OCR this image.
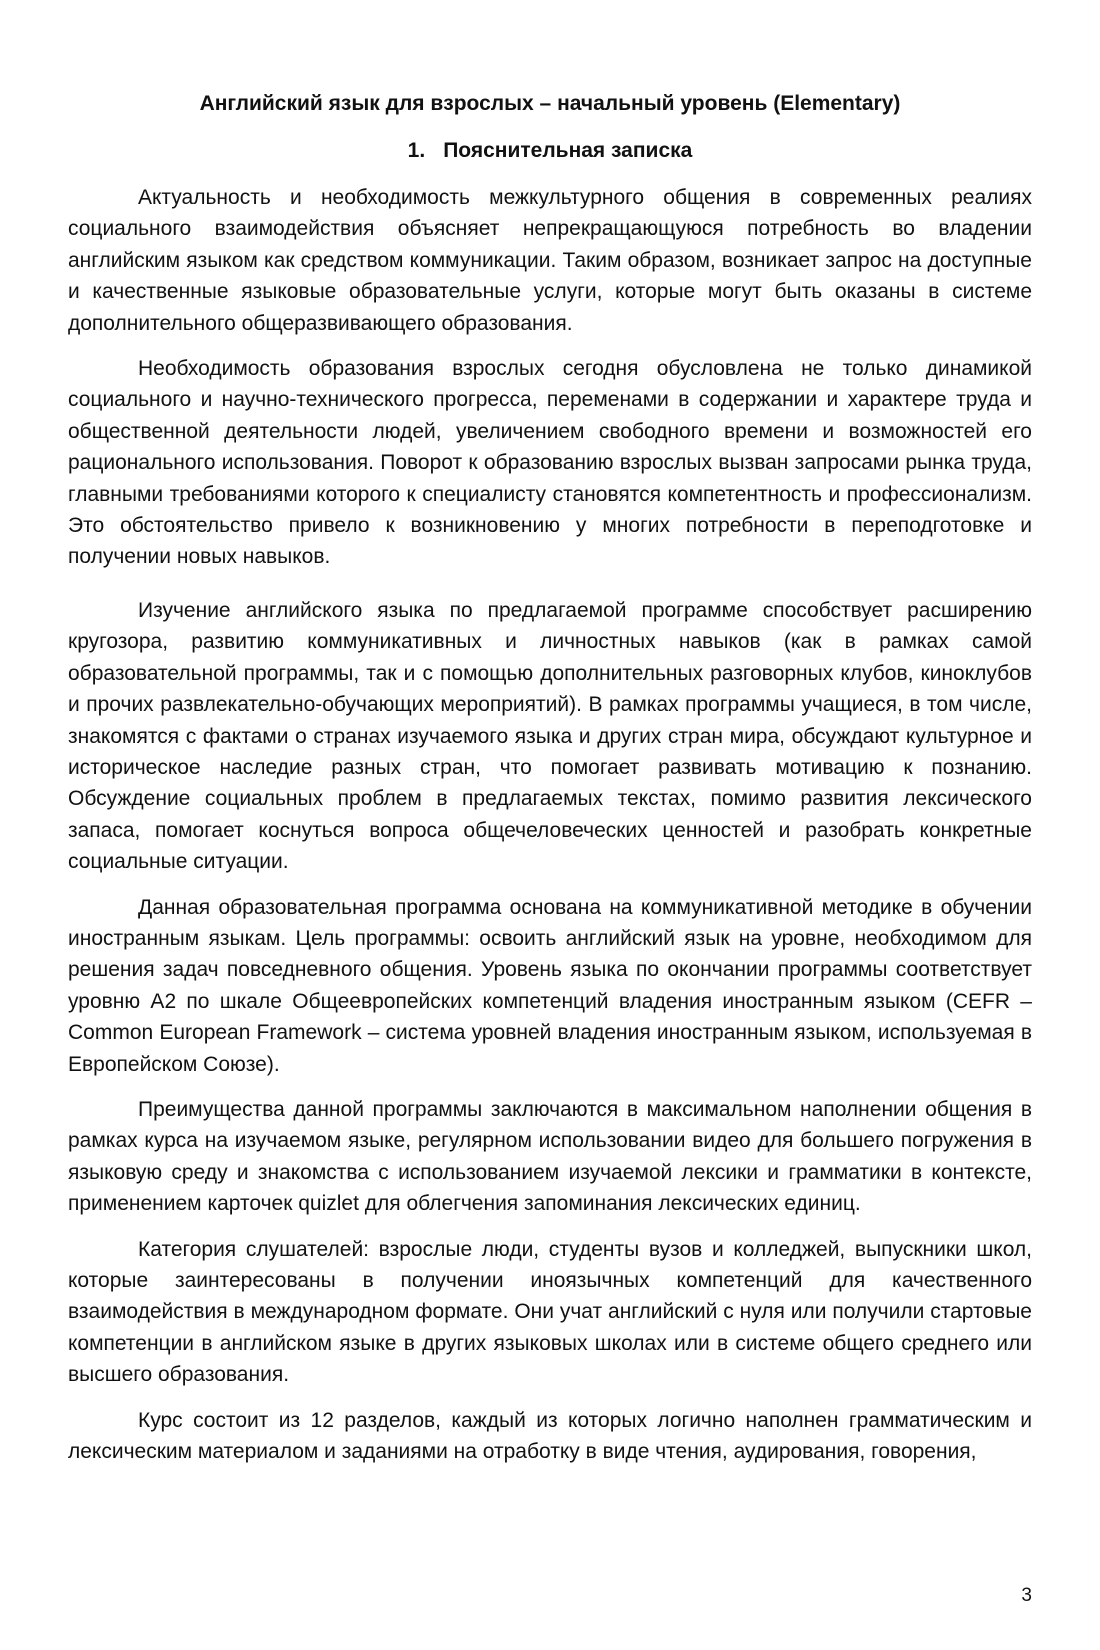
Английский язык для взрослых – начальный уровень (Elementary)
1. Пояснительная записка

Актуальность и необходимость межкультурного общения в современных реалиях социального взаимодействия объясняет непрекращающуюся потребность во владении английским языком как средством коммуникации. Таким образом, возникает запрос на доступные и качественные языковые образовательные услуги, которые могут быть оказаны в системе дополнительного общеразвивающего образования.

Необходимость образования взрослых сегодня обусловлена не только динамикой социального и научно-технического прогресса, переменами в содержании и характере труда и общественной деятельности людей, увеличением свободного времени и возможностей его рационального использования. Поворот к образованию взрослых вызван запросами рынка труда, главными требованиями которого к специалисту становятся компетентность и профессионализм. Это обстоятельство привело к возникновению у многих потребности в переподготовке и получении новых навыков.

Изучение английского языка по предлагаемой программе способствует расширению кругозора, развитию коммуникативных и личностных навыков (как в рамках самой образовательной программы, так и с помощью дополнительных разговорных клубов, киноклубов и прочих развлекательно-обучающих мероприятий). В рамках программы учащиеся, в том числе, знакомятся с фактами о странах изучаемого языка и других стран мира, обсуждают культурное и историческое наследие разных стран, что помогает развивать мотивацию к познанию. Обсуждение социальных проблем в предлагаемых текстах, помимо развития лексического запаса, помогает коснуться вопроса общечеловеческих ценностей и разобрать конкретные социальные ситуации.

Данная образовательная программа основана на коммуникативной методике в обучении иностранным языкам. Цель программы: освоить английский язык на уровне, необходимом для решения задач повседневного общения. Уровень языка по окончании программы соответствует уровню А2 по шкале Общеевропейских компетенций владения иностранным языком (CEFR – Common European Framework – система уровней владения иностранным языком, используемая в Европейском Союзе).

Преимущества данной программы заключаются в максимальном наполнении общения в рамках курса на изучаемом языке, регулярном использовании видео для большего погружения в языковую среду и знакомства с использованием изучаемой лексики и грамматики в контексте, применением карточек quizlet для облегчения запоминания лексических единиц.

Категория слушателей: взрослые люди, студенты вузов и колледжей, выпускники школ, которые заинтересованы в получении иноязычных компетенций для качественного взаимодействия в международном формате. Они учат английский с нуля или получили стартовые компетенции в английском языке в других языковых школах или в системе общего среднего или высшего образования.

Курс состоит из 12 разделов, каждый из которых логично наполнен грамматическим и лексическим материалом и заданиями на отработку в виде чтения, аудирования, говорения,

3
